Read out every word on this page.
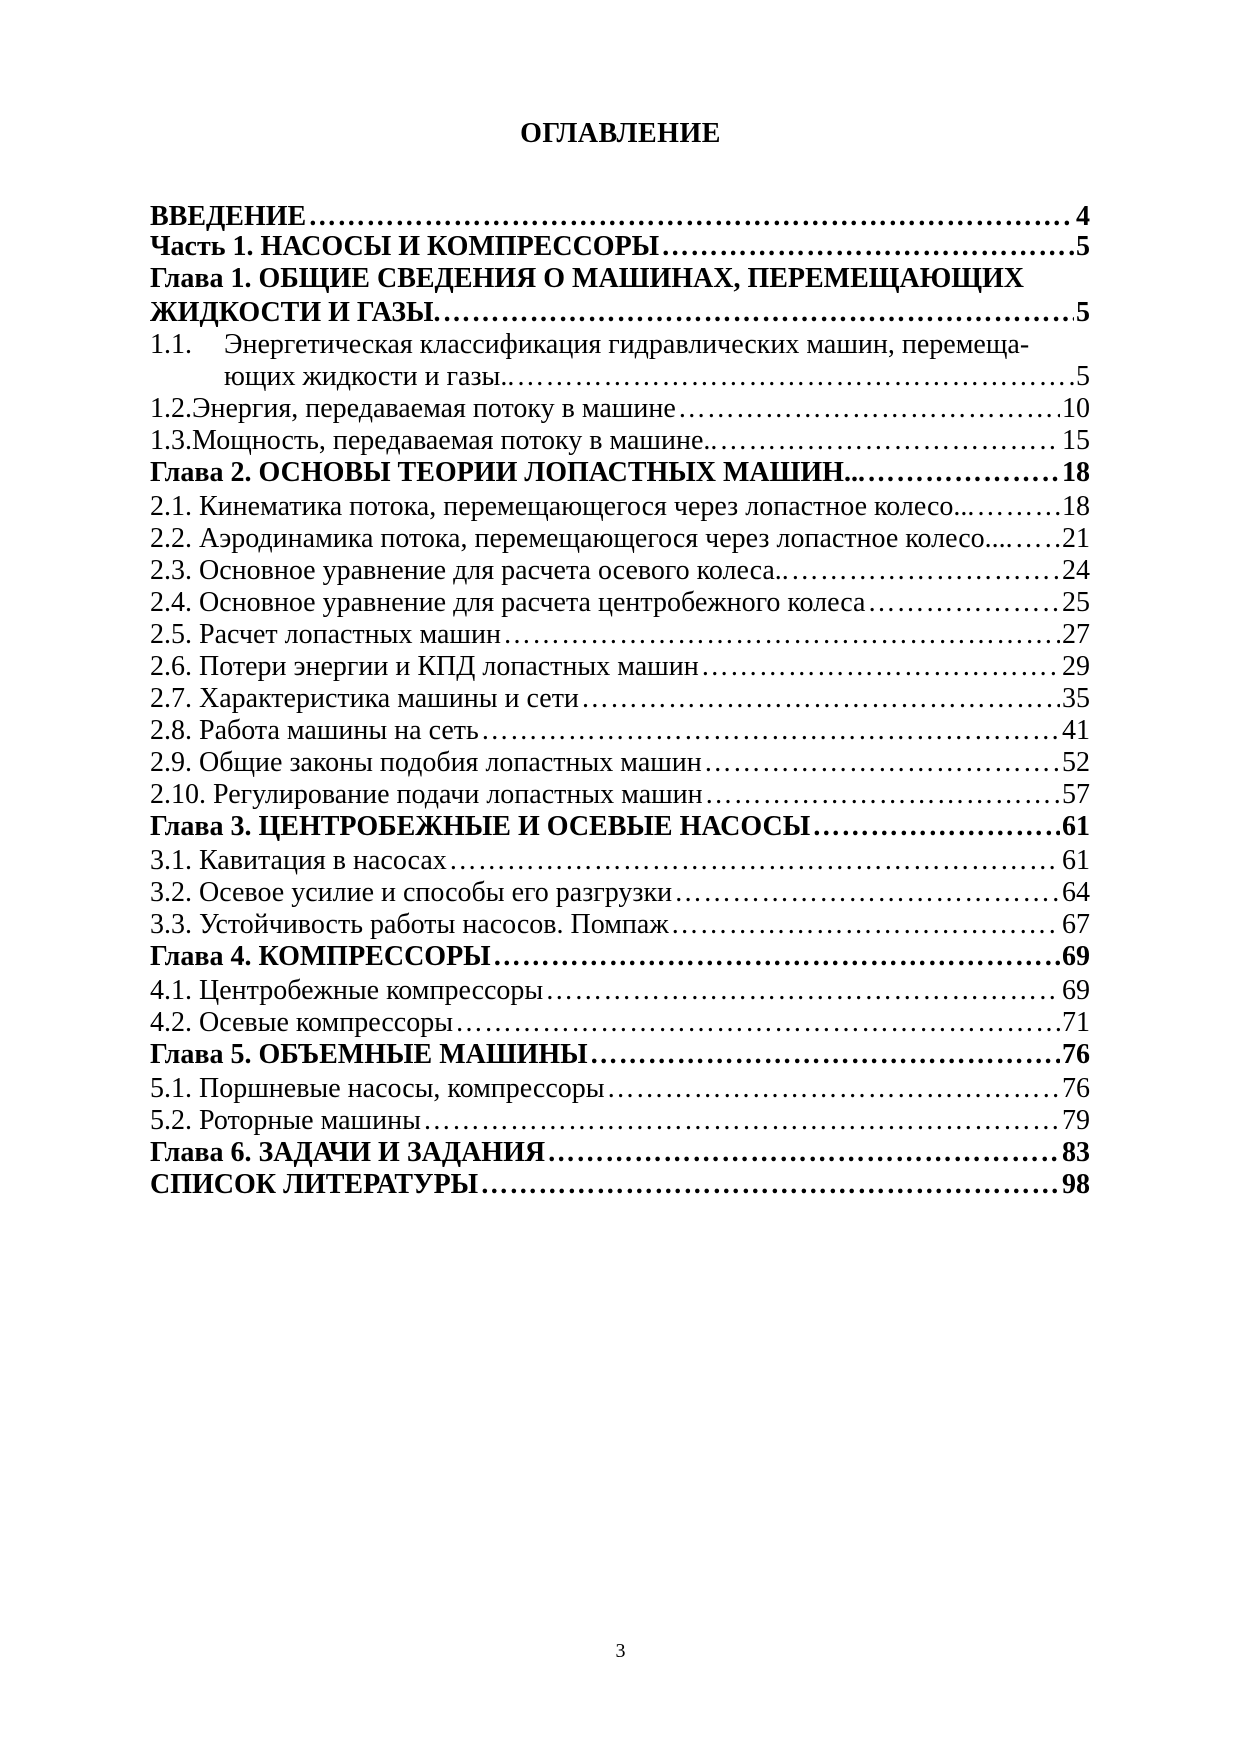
ОГЛАВЛЕНИЕ
ВВЕДЕНИЕ ………………………………………………………………………………………………………………………………………………………	4
Часть 1. НАСОСЫ И КОМПРЕССОРЫ ………………………………………………………………………………………………………………………………………………………	5
Глава 1. ОБЩИЕ СВЕДЕНИЯ О МАШИНАХ, ПЕРЕМЕЩАЮЩИХ
ЖИДКОСТИ И ГАЗЫ. ………………………………………………………………………………………………………………………………………………………	5
1.1. Энергетическая классификация гидравлических машин, перемеща-
ющих жидкости и газы.. ………………………………………………………………………………………………………………………………………………………	5
1.2. Энергия, передаваемая потоку в машине ………………………………………………………………………………………………………………………………………………………	10
1.3. Мощность, передаваемая потоку в машине.. ………………………………………………………………………………………………………………………………………………………	15
Глава 2. ОСНОВЫ ТЕОРИИ ЛОПАСТНЫХ МАШИН... ………………………………………………………………………………………………………………………………………………………	18
2.1. Кинематика потока, перемещающегося через лопастное колесо... ………………………………………………………………………………………………………………………………………………………	18
2.2. Аэродинамика потока, перемещающегося через лопастное колесо.... ……………………………………………………………………………………………………………………………………………………… 21
2.3. Основное уравнение для расчета осевого колеса.. ………………………………………………………………………………………………………………………………………………………	24
2.4. Основное уравнение для расчета центробежного колеса ………………………………………………………………………………………………………………………………………………………	25
2.5. Расчет лопастных машин ………………………………………………………………………………………………………………………………………………………	27
2.6. Потери энергии и КПД лопастных машин ………………………………………………………………………………………………………………………………………………………	29
2.7. Характеристика машины и сети ………………………………………………………………………………………………………………………………………………………	35
2.8. Работа машины на сеть ………………………………………………………………………………………………………………………………………………………	41
2.9. Общие законы подобия лопастных машин ………………………………………………………………………………………………………………………………………………………	52
2.10. Регулирование подачи лопастных машин ………………………………………………………………………………………………………………………………………………………	57
Глава 3. ЦЕНТРОБЕЖНЫЕ И ОСЕВЫЕ НАСОСЫ ………………………………………………………………………………………………………………………………………………………	61
3.1. Кавитация в насосах ………………………………………………………………………………………………………………………………………………………	61
3.2. Осевое усилие и способы его разгрузки ………………………………………………………………………………………………………………………………………………………	64
3.3. Устойчивость работы насосов. Помпаж ………………………………………………………………………………………………………………………………………………………	67
Глава 4. КОМПРЕССОРЫ ………………………………………………………………………………………………………………………………………………………	69
4.1. Центробежные компрессоры ………………………………………………………………………………………………………………………………………………………	69
4.2. Осевые компрессоры ………………………………………………………………………………………………………………………………………………………	71
Глава 5. ОБЪЕМНЫЕ МАШИНЫ ………………………………………………………………………………………………………………………………………………………	76
5.1. Поршневые насосы, компрессоры ………………………………………………………………………………………………………………………………………………………	76
5.2. Роторные машины ………………………………………………………………………………………………………………………………………………………	79
Глава 6. ЗАДАЧИ И ЗАДАНИЯ ………………………………………………………………………………………………………………………………………………………	83
СПИСОК ЛИТЕРАТУРЫ ………………………………………………………………………………………………………………………………………………………	98
3
